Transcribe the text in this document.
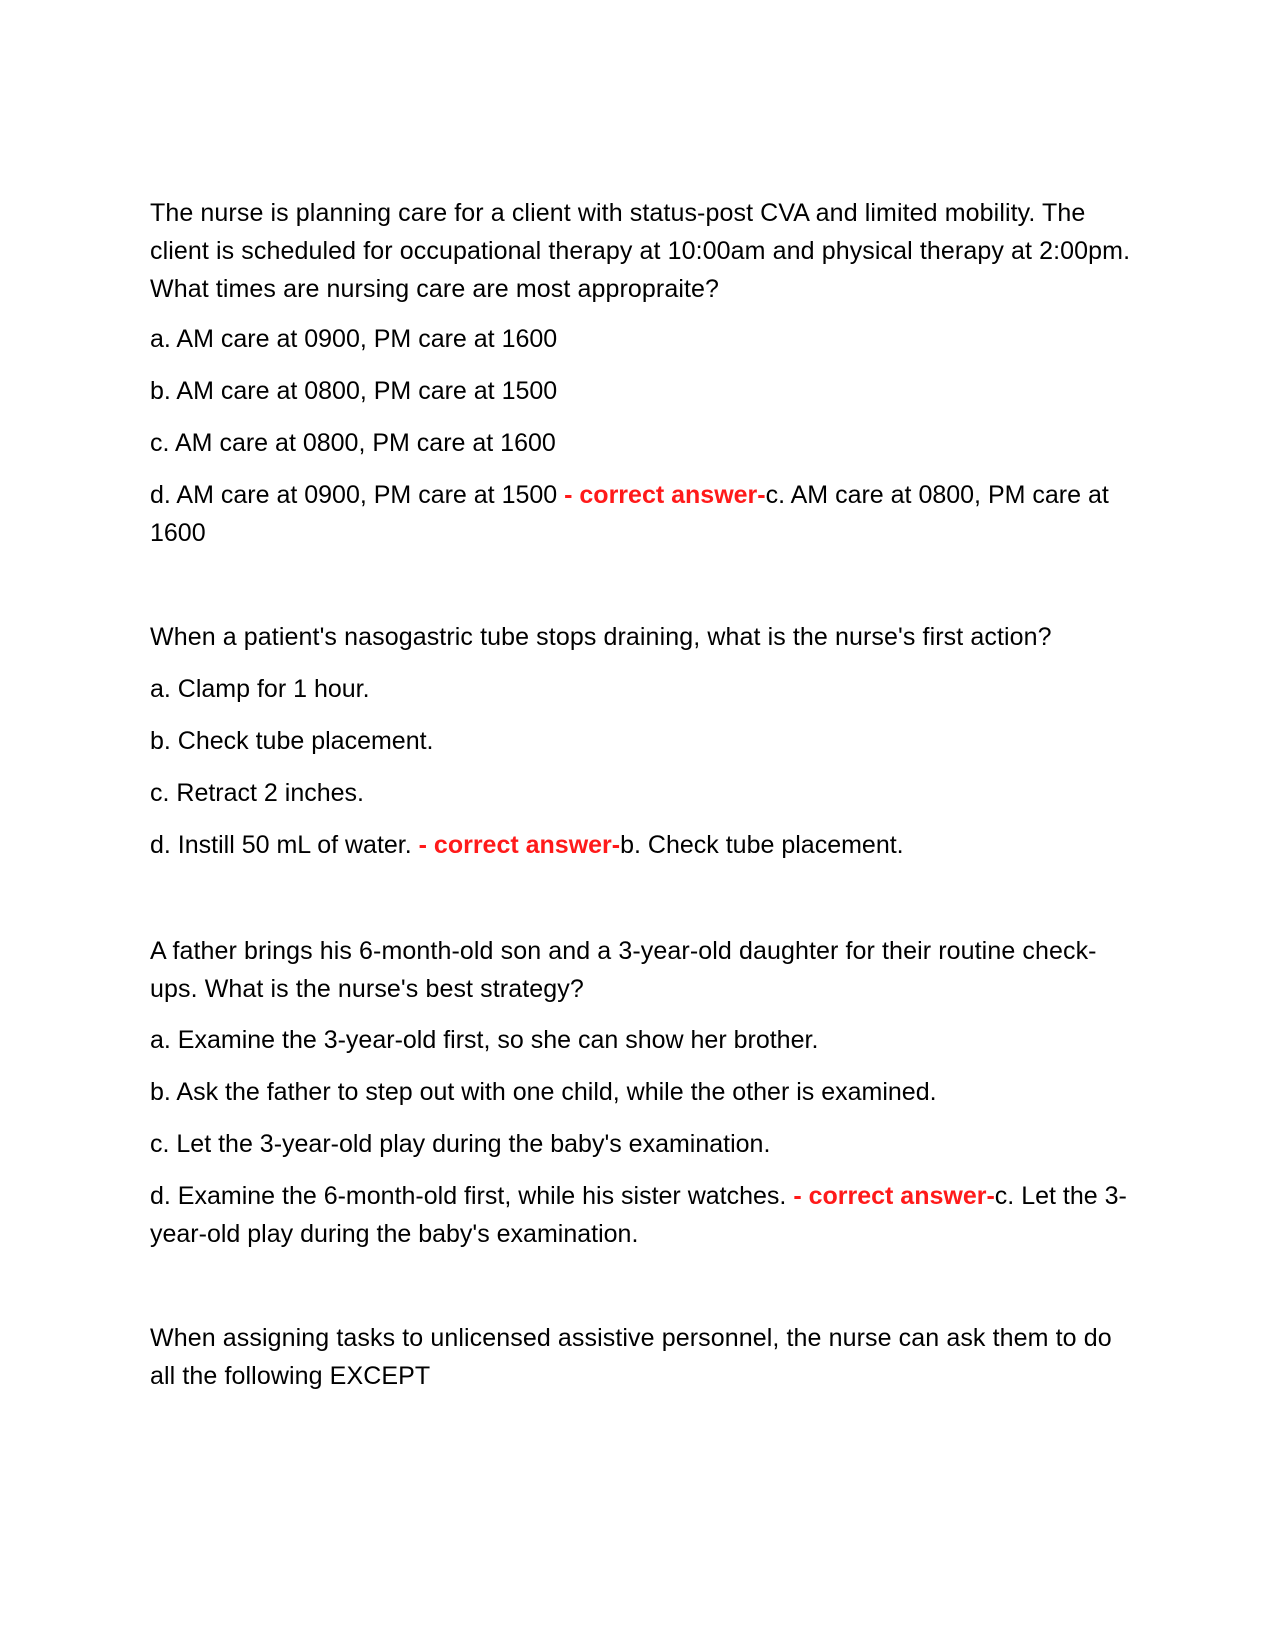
The nurse is planning care for a client with status-post CVA and limited mobility. The client is scheduled for occupational therapy at 10:00am and physical therapy at 2:00pm. What times are nursing care are most appropraite?

a. AM care at 0900, PM care at 1600

b. AM care at 0800, PM care at 1500

c. AM care at 0800, PM care at 1600

d. AM care at 0900, PM care at 1500 - correct answer-c. AM care at 0800, PM care at 1600

When a patient's nasogastric tube stops draining, what is the nurse's first action?

a. Clamp for 1 hour.

b. Check tube placement.

c. Retract 2 inches.

d. Instill 50 mL of water. - correct answer-b. Check tube placement.

A father brings his 6-month-old son and a 3-year-old daughter for their routine check-ups. What is the nurse's best strategy?

a. Examine the 3-year-old first, so she can show her brother.

b. Ask the father to step out with one child, while the other is examined.

c. Let the 3-year-old play during the baby's examination.

d. Examine the 6-month-old first, while his sister watches. - correct answer-c. Let the 3-year-old play during the baby's examination.

When assigning tasks to unlicensed assistive personnel, the nurse can ask them to do all the following EXCEPT
